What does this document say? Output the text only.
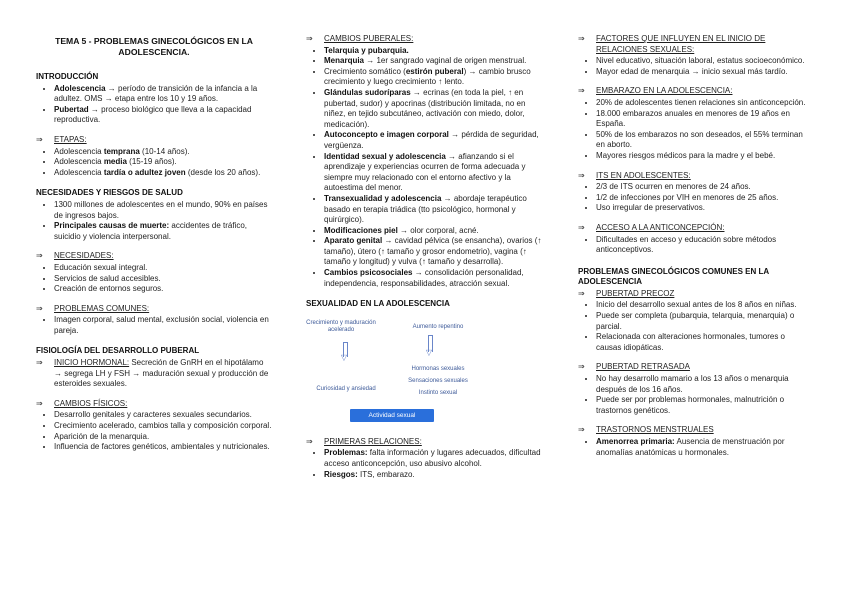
TEMA 5 - PROBLEMAS GINECOLÓGICOS EN LA ADOLESCENCIA.
INTRODUCCIÓN
• Adolescencia → período de transición de la infancia a la adultez. OMS → etapa entre los 10 y 19 años.
• Pubertad → proceso biológico que lleva a la capacidad reproductiva.
⇒	ETAPAS:
• Adolescencia temprana (10-14 años).
• Adolescencia media (15-19 años).
• Adolescencia tardía o adultez joven (desde los 20 años).
NECESIDADES Y RIESGOS DE SALUD
• 1300 millones de adolescentes en el mundo, 90% en países de ingresos bajos.
• Principales causas de muerte: accidentes de tráfico, suicidio y violencia interpersonal.
⇒	NECESIDADES:
• Educación sexual integral.
• Servicios de salud accesibles.
• Creación de entornos seguros.
⇒	PROBLEMAS COMUNES:
• Imagen corporal, salud mental, exclusión social, violencia en pareja.
FISIOLOGÍA DEL DESARROLLO PUBERAL
⇒	INICIO HORMONAL: Secreción de GnRH en el hipotálamo → segrega LH y FSH → maduración sexual y producción de esteroides sexuales.
⇒	CAMBIOS FÍSICOS:
• Desarrollo genitales y caracteres sexuales secundarios.
• Crecimiento acelerado, cambios talla y composición corporal.
• Aparición de la menarquia.
• Influencia de factores genéticos, ambientales y nutricionales.
⇒	CAMBIOS PUBERALES:
• Telarquia y pubarquia.
• Menarquia → 1er sangrado vaginal de origen menstrual.
• Crecimiento somático (estirón puberal) → cambio brusco crecimiento y luego crecimiento ↑ lento.
• Glándulas sudoríparas → ecrinas (en toda la piel, ↑ en pubertad, sudor) y apocrinas (distribución limitada, no en niñez, en tejido subcutáneo, activación con miedo, dolor, medicación).
• Autoconcepto e imagen corporal → pérdida de seguridad, vergüenza.
• Identidad sexual y adolescencia → afianzando si el aprendizaje y experiencias ocurren de forma adecuada y siempre muy relacionado con el entorno afectivo y la autoestima del menor.
• Transexualidad y adolescencia → abordaje terapéutico basado en terapia triádica (tto psicológico, hormonal y quirúrgico).
• Modificaciones piel → olor corporal, acné.
• Aparato genital → cavidad pélvica (se ensancha), ovarios (↑ tamaño), útero (↑ tamaño y grosor endometrio), vagina (↑ tamaño y longitud) y vulva (↑ tamaño y desarrolla).
• Cambios psicosociales → consolidación personalidad, independencia, responsabilidades, atracción sexual.
SEXUALIDAD EN LA ADOLESCENCIA
Crecimiento y maduración acelerado	Aumento repentino
▽
▽
Hormonas sexuales
Sensaciones sexuales
Curiosidad y ansiedad
Instinto sexual
Actividad sexual
⇒	PRIMERAS RELACIONES:
• Problemas: falta información y lugares adecuados, dificultad acceso anticoncepción, uso abusivo alcohol.
• Riesgos: ITS, embarazo.
⇒	FACTORES QUE INFLUYEN EN EL INICIO DE RELACIONES SEXUALES:
• Nivel educativo, situación laboral, estatus socioeconómico.
• Mayor edad de menarquia → inicio sexual más tardío.
⇒	EMBARAZO EN LA ADOLESCENCIA:
• 20% de adolescentes tienen relaciones sin anticoncepción.
• 18.000 embarazos anuales en menores de 19 años en España.
• 50% de los embarazos no son deseados, el 55% terminan en aborto.
• Mayores riesgos médicos para la madre y el bebé.
⇒	ITS EN ADOLESCENTES:
• 2/3 de ITS ocurren en menores de 24 años.
• 1/2 de infecciones por VIH en menores de 25 años.
• Uso irregular de preservativos.
⇒	ACCESO A LA ANTICONCEPCIÓN:
• Dificultades en acceso y educación sobre métodos anticonceptivos.
PROBLEMAS GINECOLÓGICOS COMUNES EN LA ADOLESCENCIA
⇒	PUBERTAD PRECOZ
• Inicio del desarrollo sexual antes de los 8 años en niñas.
• Puede ser completa (pubarquia, telarquia, menarquia) o parcial.
• Relacionada con alteraciones hormonales, tumores o causas idiopáticas.
⇒	PUBERTAD RETRASADA
• No hay desarrollo mamario a los 13 años o menarquia después de los 16 años.
• Puede ser por problemas hormonales, malnutrición o trastornos genéticos.
⇒	TRASTORNOS MENSTRUALES
• Amenorrea primaria: Ausencia de menstruación por anomalías anatómicas u hormonales.
